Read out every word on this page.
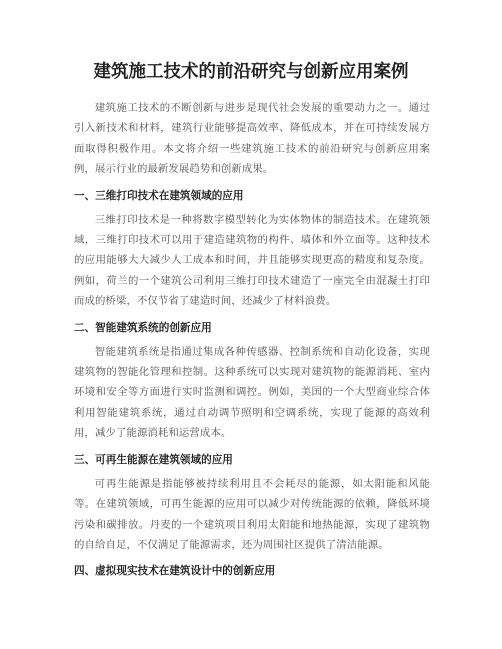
建筑施工技术的前沿研究与创新应用案例

建筑施工技术的不断创新与进步是现代社会发展的重要动力之一。通过引入新技术和材料，建筑行业能够提高效率、降低成本，并在可持续发展方面取得积极作用。本文将介绍一些建筑施工技术的前沿研究与创新应用案例，展示行业的最新发展趋势和创新成果。

一、三维打印技术在建筑领域的应用

三维打印技术是一种将数字模型转化为实体物体的制造技术。在建筑领域，三维打印技术可以用于建造建筑物的构件、墙体和外立面等。这种技术的应用能够大大减少人工成本和时间，并且能够实现更高的精度和复杂度。例如，荷兰的一个建筑公司利用三维打印技术建造了一座完全由混凝土打印而成的桥梁，不仅节省了建造时间，还减少了材料浪费。

二、智能建筑系统的创新应用

智能建筑系统是指通过集成各种传感器、控制系统和自动化设备，实现建筑物的智能化管理和控制。这种系统可以实现对建筑物的能源消耗、室内环境和安全等方面进行实时监测和调控。例如，美国的一个大型商业综合体利用智能建筑系统，通过自动调节照明和空调系统，实现了能源的高效利用，减少了能源消耗和运营成本。

三、可再生能源在建筑领域的应用

可再生能源是指能够被持续利用且不会耗尽的能源，如太阳能和风能等。在建筑领域，可再生能源的应用可以减少对传统能源的依赖，降低环境污染和碳排放。丹麦的一个建筑项目利用太阳能和地热能源，实现了建筑物的自给自足，不仅满足了能源需求，还为周围社区提供了清洁能源。

四、虚拟现实技术在建筑设计中的创新应用
